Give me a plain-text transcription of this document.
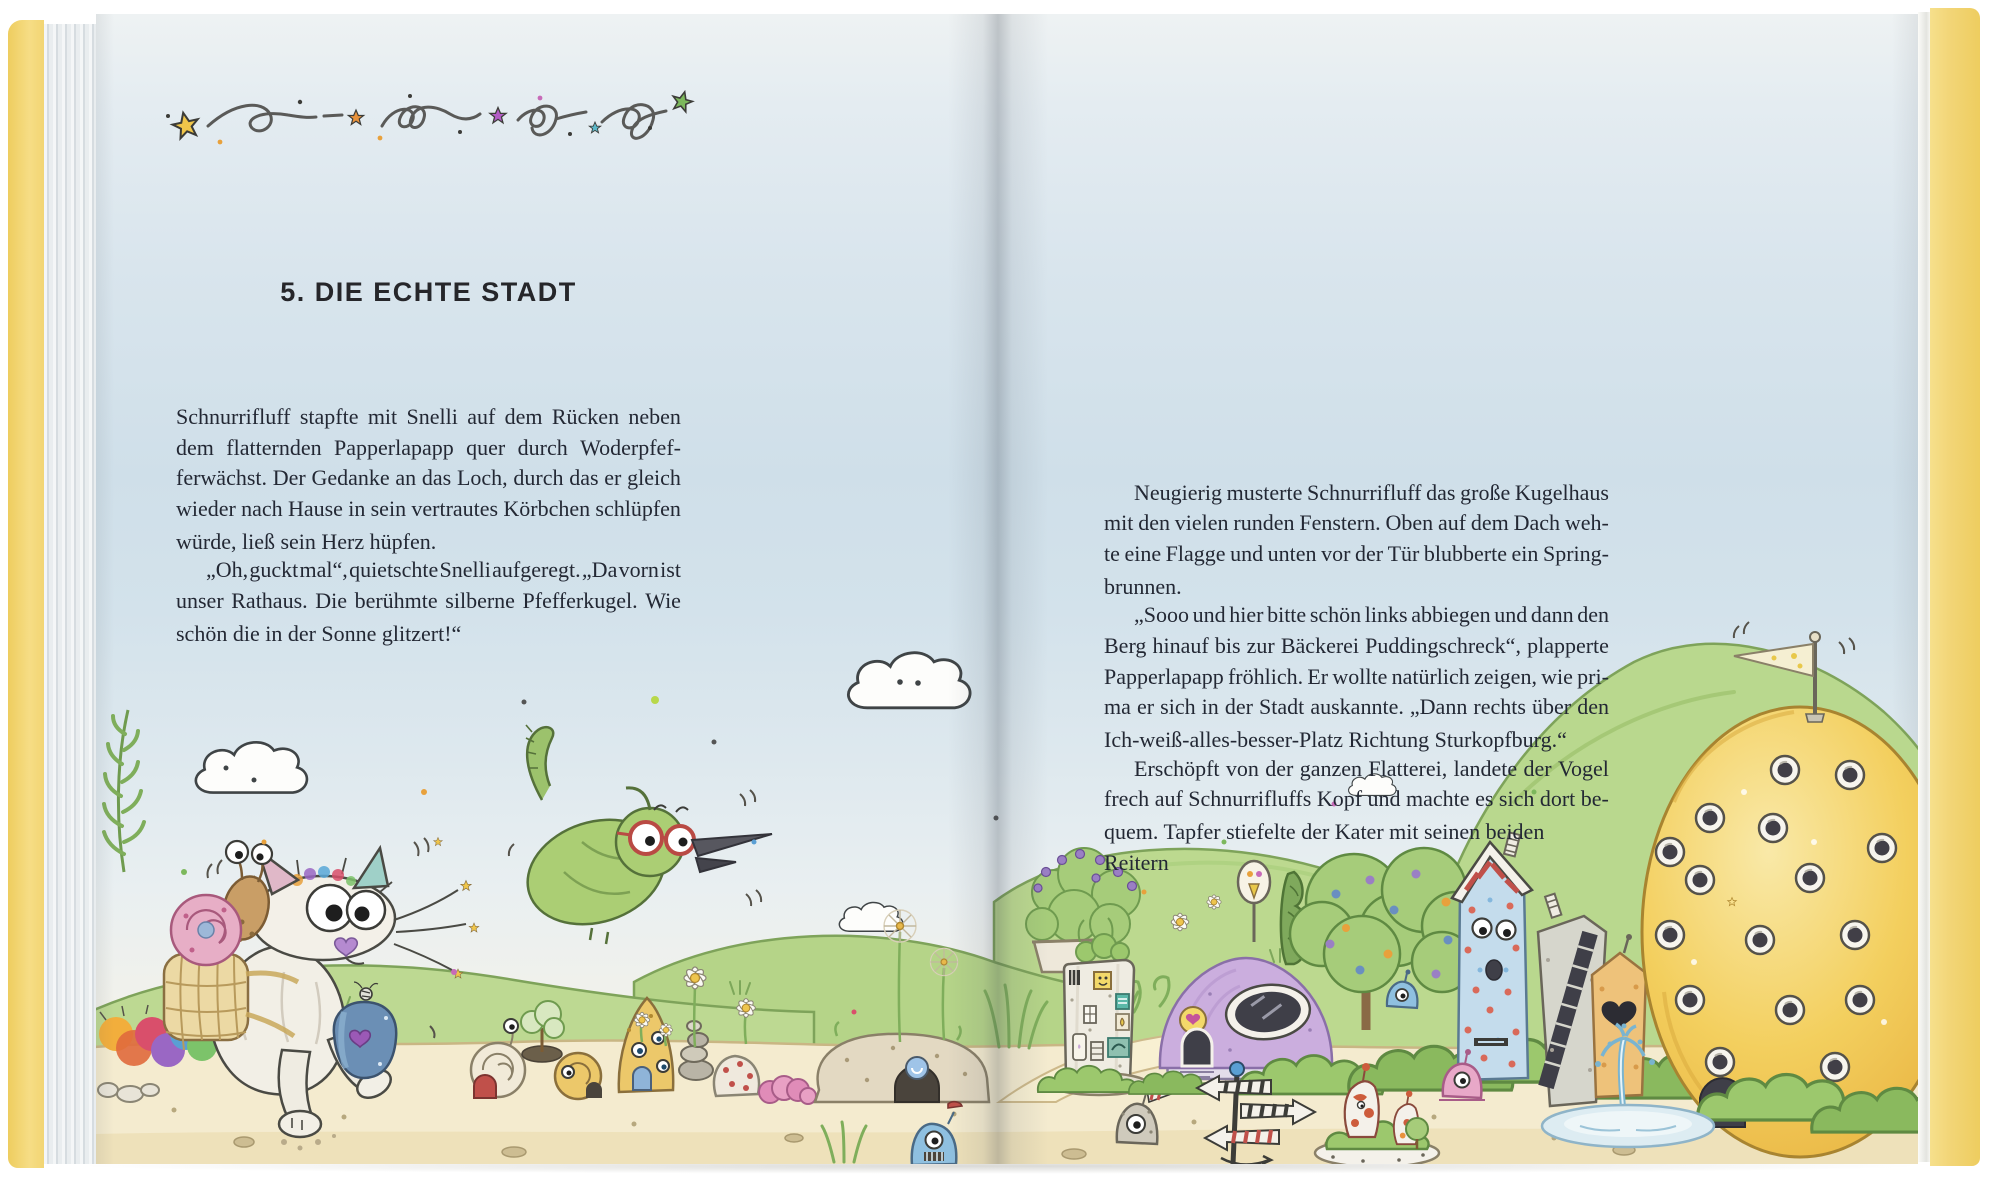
5. DIE ECHTE STADT
Schnurrifluff stapfte mit Snelli auf dem Rücken neben
dem flatternden Papperlapapp quer durch Woderpfef-
ferwächst. Der Gedanke an das Loch, durch das er gleich
wieder nach Hause in sein vertrautes Körbchen schlüpfen
würde, ließ sein Herz hüpfen.
„Oh, guckt mal“, quietschte Snelli aufgeregt. „Da vorn ist
unser Rathaus. Die berühmte silberne Pfefferkugel. Wie
schön die in der Sonne glitzert!“
Neugierig musterte Schnurrifluff das große Kugelhaus
mit den vielen runden Fenstern. Oben auf dem Dach weh-
te eine Flagge und unten vor der Tür blubberte ein Spring-
brunnen.
„Sooo und hier bitte schön links abbiegen und dann den
Berg hinauf bis zur Bäckerei Puddingschreck“, plapperte
Papperlapapp fröhlich. Er wollte natürlich zeigen, wie pri-
ma er sich in der Stadt auskannte. „Dann rechts über den
Ich-weiß-alles-besser-Platz Richtung Sturkopfburg.“
Erschöpft von der ganzen Flatterei, landete der Vogel
frech auf Schnurrifluffs Kopf und machte es sich dort be-
quem. Tapfer stiefelte der Kater mit seinen beiden Reitern
